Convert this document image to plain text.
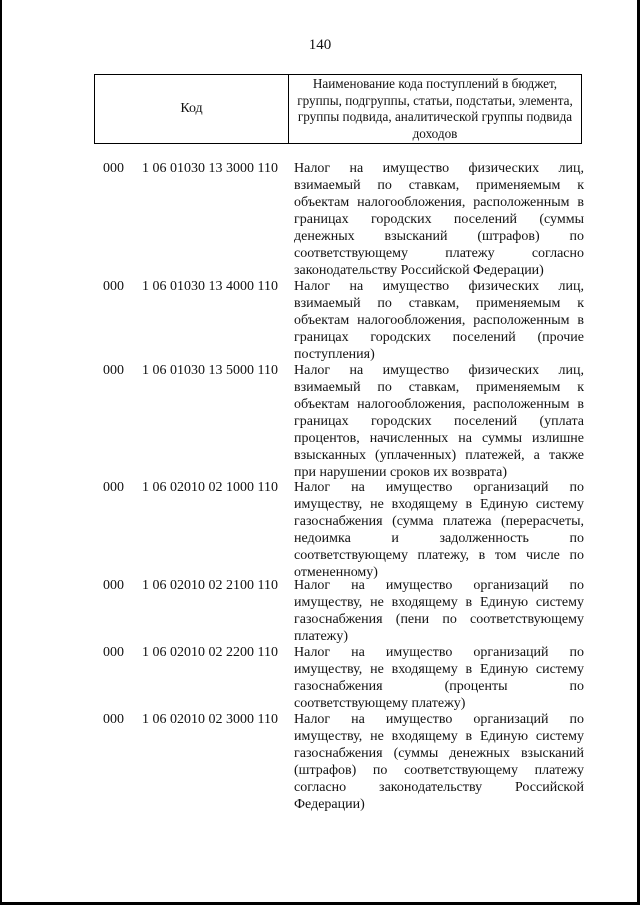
140
Код
Наименование кода поступлений в бюджет, группы, подгруппы, статьи, подстатьи, элемента, группы подвида, аналитической группы подвида доходов
000 1 06 01030 13 3000 110 Налог на имущество физических лиц, взимаемый по ставкам, применяемым к объектам налогообложения, расположенным в границах городских поселений (суммы денежных взысканий (штрафов) по соответствующему платежу согласно законодательству Российской Федерации)
000 1 06 01030 13 4000 110 Налог на имущество физических лиц, взимаемый по ставкам, применяемым к объектам налогообложения, расположенным в границах городских поселений (прочие поступления)
000 1 06 01030 13 5000 110 Налог на имущество физических лиц, взимаемый по ставкам, применяемым к объектам налогообложения, расположенным в границах городских поселений (уплата процентов, начисленных на суммы излишне взысканных (уплаченных) платежей, а также при нарушении сроков их возврата)
000 1 06 02010 02 1000 110 Налог на имущество организаций по имуществу, не входящему в Единую систему газоснабжения (сумма платежа (перерасчеты, недоимка и задолженность по соответствующему платежу, в том числе по отмененному)
000 1 06 02010 02 2100 110 Налог на имущество организаций по имуществу, не входящему в Единую систему газоснабжения (пени по соответствующему платежу)
000 1 06 02010 02 2200 110 Налог на имущество организаций по имуществу, не входящему в Единую систему газоснабжения (проценты по соответствующему платежу)
000 1 06 02010 02 3000 110 Налог на имущество организаций по имуществу, не входящему в Единую систему газоснабжения (суммы денежных взысканий (штрафов) по соответствующему платежу согласно законодательству Российской Федерации)
